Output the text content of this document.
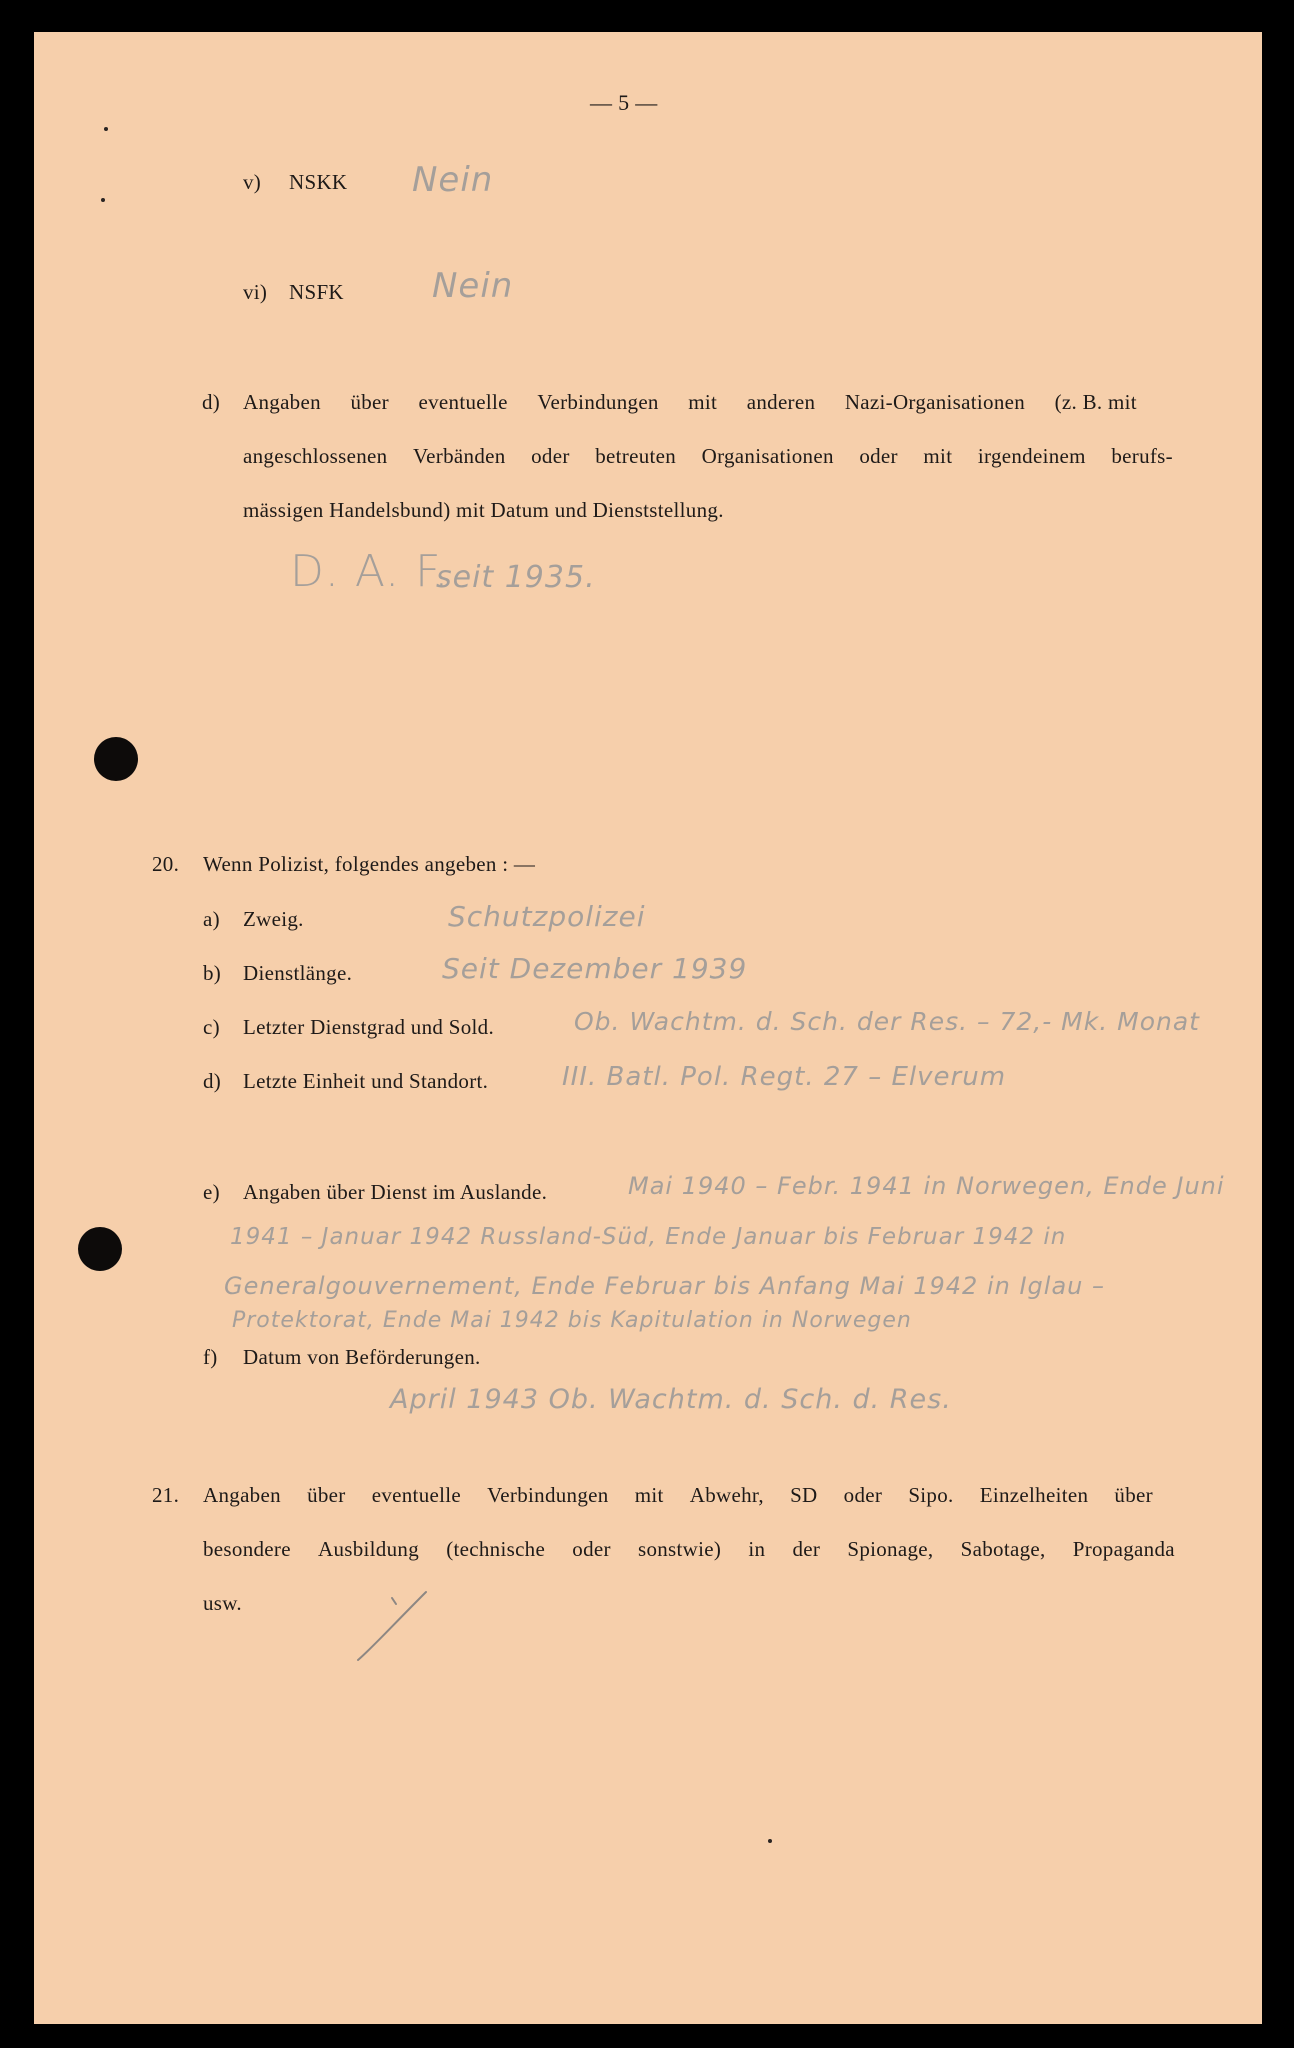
— 5 —
v) NSKK Nein
vi) NSFK	Nein
d) Angaben über eventuelle Verbindungen mit anderen Nazi-Organisationen (z. B. mit
angeschlossenen Verbänden oder betreuten Organisationen oder mit irgendeinem berufs-
mässigen Handelsbund) mit Datum und Dienststellung.
D. A. F.
seit 1935.
20. Wenn Polizist, folgendes angeben : —
a) Zweig.	Schutzpolizei
b) Dienstlänge.	Seit Dezember 1939
c) Letzter Dienstgrad und Sold.	Ob. Wachtm. d. Sch. der Res. – 72,- Mk. Monat
d) Letzte Einheit und Standort.	III. Batl. Pol. Regt. 27 – Elverum
e) Angaben über Dienst im Auslande.	Mai 1940 – Febr. 1941 in Norwegen, Ende Juni
1941 – Januar 1942 Russland-Süd, Ende Januar bis Februar 1942 in
Generalgouvernement, Ende Februar bis Anfang Mai 1942 in Iglau –
Protektorat, Ende Mai 1942 bis Kapitulation in Norwegen
f) Datum von Beförderungen.
April 1943 Ob. Wachtm. d. Sch. d. Res.
21. Angaben über eventuelle Verbindungen mit Abwehr, SD oder Sipo. Einzelheiten über
besondere Ausbildung (technische oder sonstwie) in der Spionage, Sabotage, Propaganda
usw.
